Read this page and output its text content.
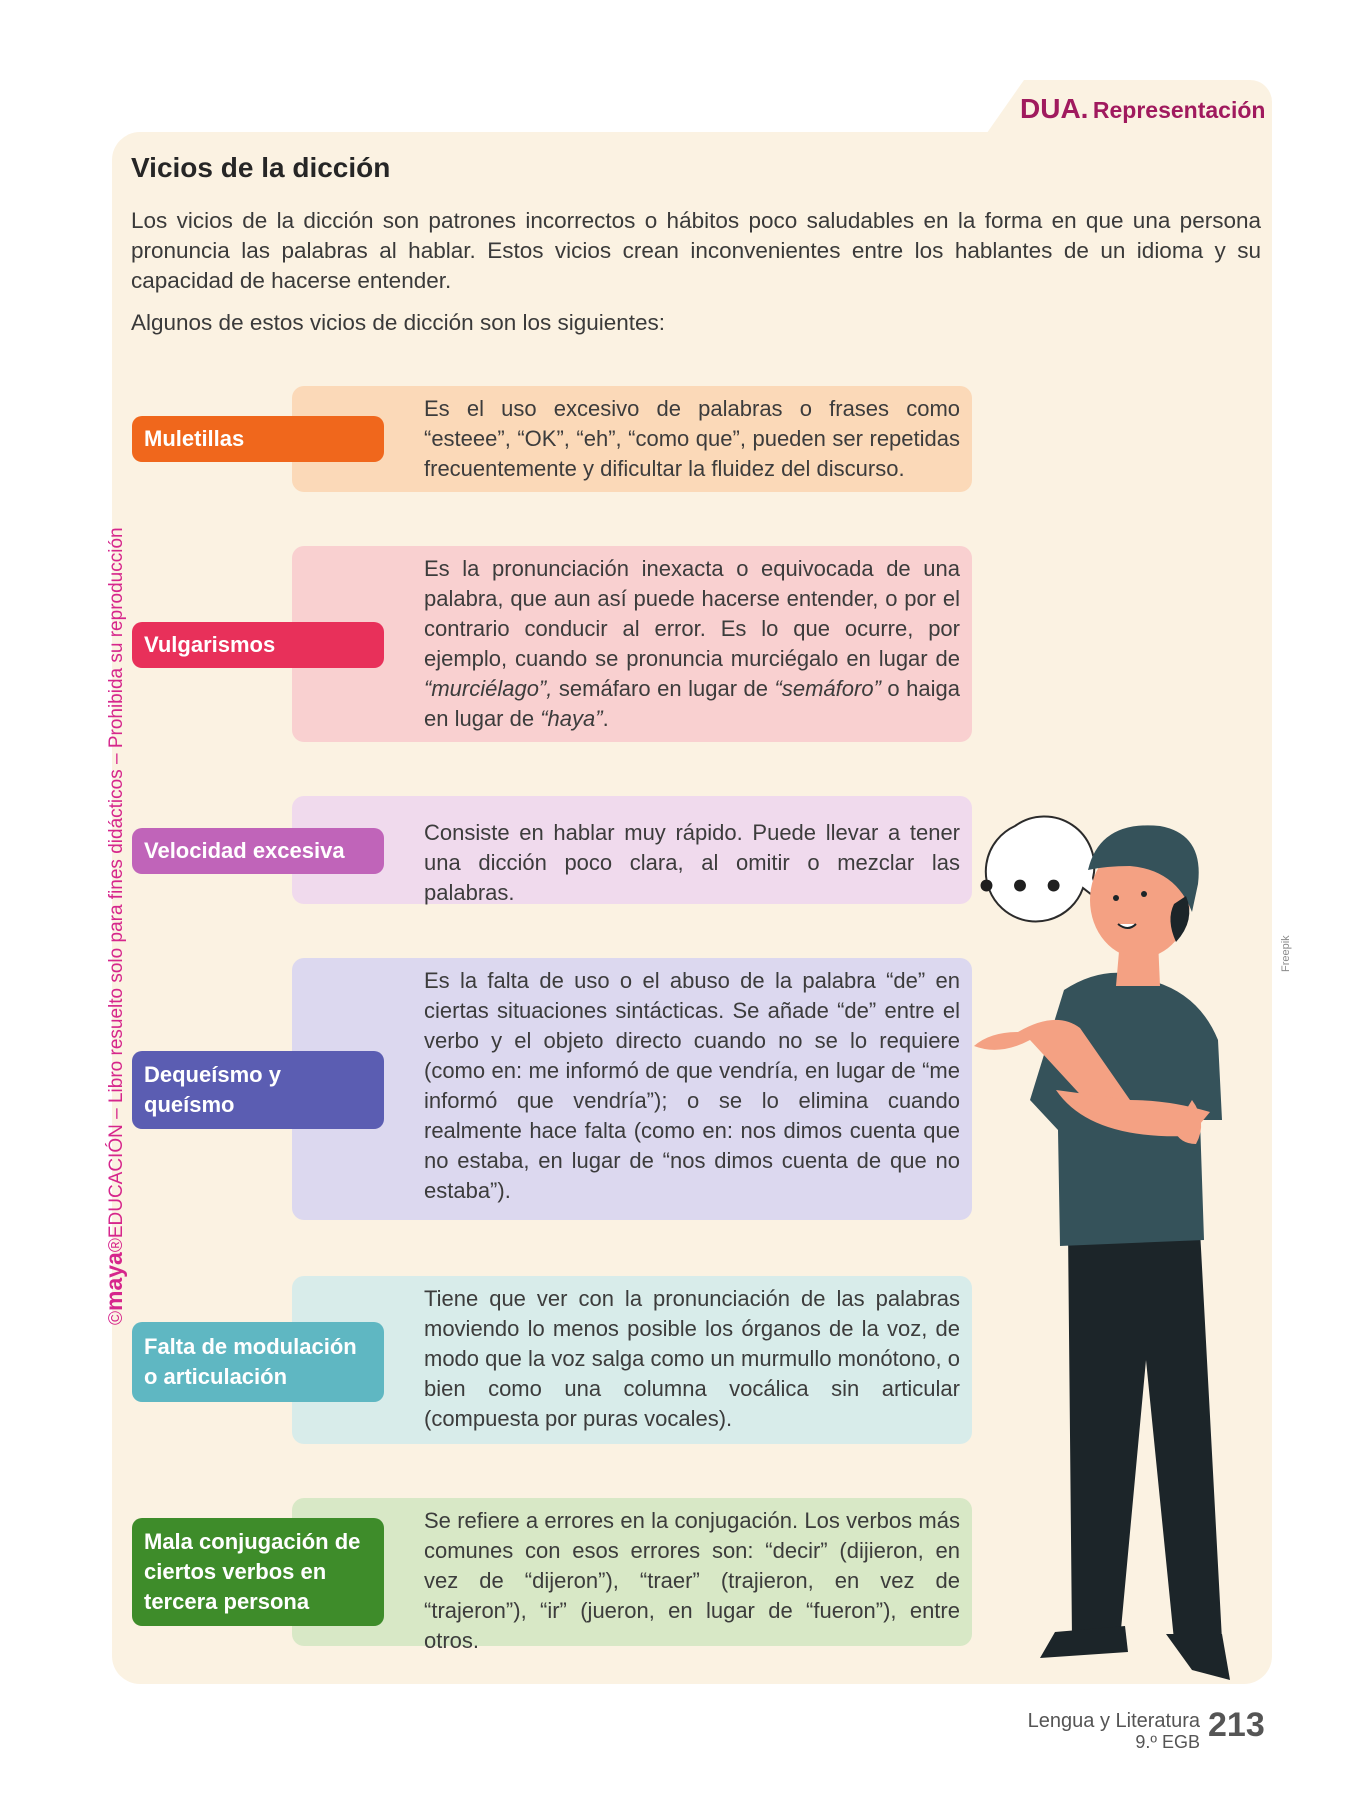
DUA. Representación
Vicios de la dicción
Los vicios de la dicción son patrones incorrectos o hábitos poco saludables en la forma en que una persona pronuncia las palabras al hablar. Estos vicios crean inconvenientes entre los hablantes de un idioma y su capacidad de hacerse entender.
Algunos de estos vicios de dicción son los siguientes:
Es el uso excesivo de palabras o frases como “esteee”, “OK”, “eh”, “como que”, pueden ser repetidas frecuentemente y dificultar la fluidez del discurso.
Muletillas
Es la pronunciación inexacta o equivocada de una palabra, que aun así puede hacerse entender, o por el contrario conducir al error. Es lo que ocurre, por ejemplo, cuando se pronuncia murciégalo en lugar de “murciélago”, semáfaro en lugar de “semáforo” o haiga en lugar de “haya”.
Vulgarismos
Consiste en hablar muy rápido. Puede llevar a tener una dicción poco clara, al omitir o mezclar las palabras.
Velocidad excesiva
Es la falta de uso o el abuso de la palabra “de” en ciertas situaciones sintácticas. Se añade “de” entre el verbo y el objeto directo cuando no se lo requiere (como en: me informó de que vendría, en lugar de “me informó que vendría”); o se lo elimina cuando realmente hace falta (como en: nos dimos cuenta que no estaba, en lugar de “nos dimos cuenta de que no estaba”).
Dequeísmo y queísmo
Tiene que ver con la pronunciación de las palabras moviendo lo menos posible los órganos de la voz, de modo que la voz salga como un murmullo monótono, o bien como una columna vocálica sin articular (compuesta por puras vocales).
Falta de modulación o articulación
Se refiere a errores en la conjugación. Los verbos más comunes con esos errores son: “decir” (dijieron, en vez de “dijeron”), “traer” (trajieron, en vez de “trajeron”), “ir” (jueron, en lugar de “fueron”), entre otros.
Mala conjugación de ciertos verbos en tercera persona
©maya®EDUCACIÓN – Libro resuelto solo para fines didácticos – Prohibida su reproducción	Freepik
• • •
Lengua y Literatura
9.º EGB 213
